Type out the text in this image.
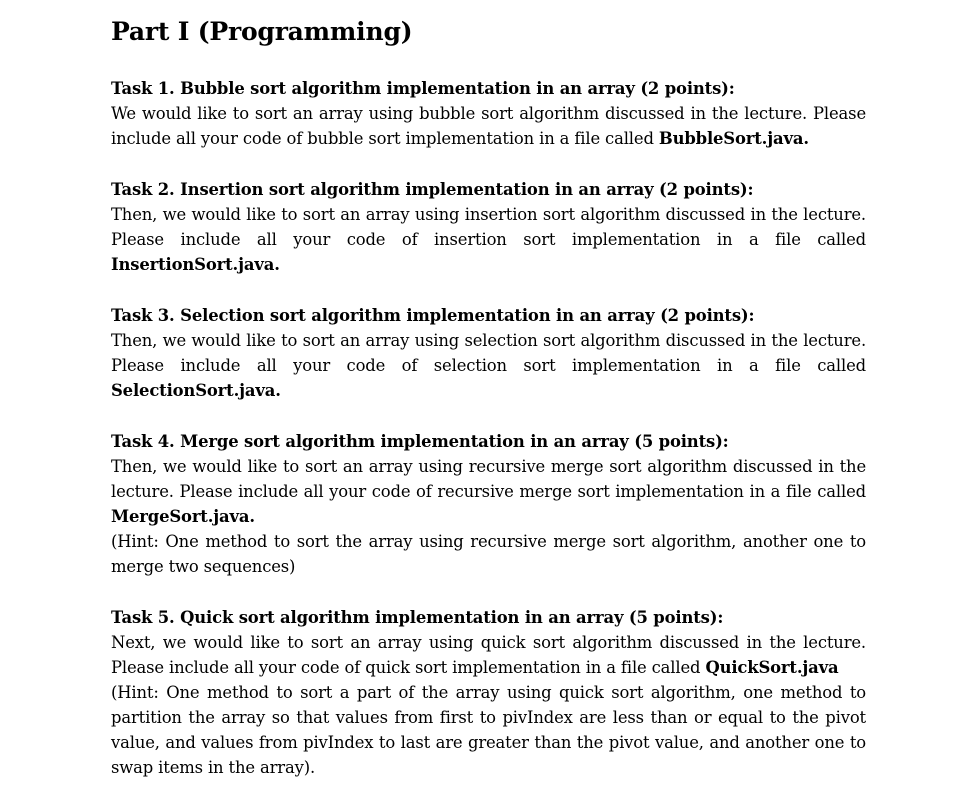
Part I (Programming)
Task 1. Bubble sort algorithm implementation in an array (2 points):

We would like to sort an array using bubble sort algorithm discussed in the lecture. Please include all your code of bubble sort implementation in a file called BubbleSort.java.

Task 2. Insertion sort algorithm implementation in an array (2 points):

Then, we would like to sort an array using insertion sort algorithm discussed in the lecture. Please include all your code of insertion sort implementation in a file called InsertionSort.java.

Task 3. Selection sort algorithm implementation in an array (2 points):

Then, we would like to sort an array using selection sort algorithm discussed in the lecture. Please include all your code of selection sort implementation in a file called SelectionSort.java.

Task 4. Merge sort algorithm implementation in an array (5 points):

Then, we would like to sort an array using recursive merge sort algorithm discussed in the lecture. Please include all your code of recursive merge sort implementation in a file called MergeSort.java.

(Hint: One method to sort the array using recursive merge sort algorithm, another one to merge two sequences)

Task 5. Quick sort algorithm implementation in an array (5 points):

Next, we would like to sort an array using quick sort algorithm discussed in the lecture. Please include all your code of quick sort implementation in a file called QuickSort.java

(Hint: One method to sort a part of the array using quick sort algorithm, one method to partition the array so that values from first to pivIndex are less than or equal to the pivot value, and values from pivIndex to last are greater than the pivot value, and another one to swap items in the array).
